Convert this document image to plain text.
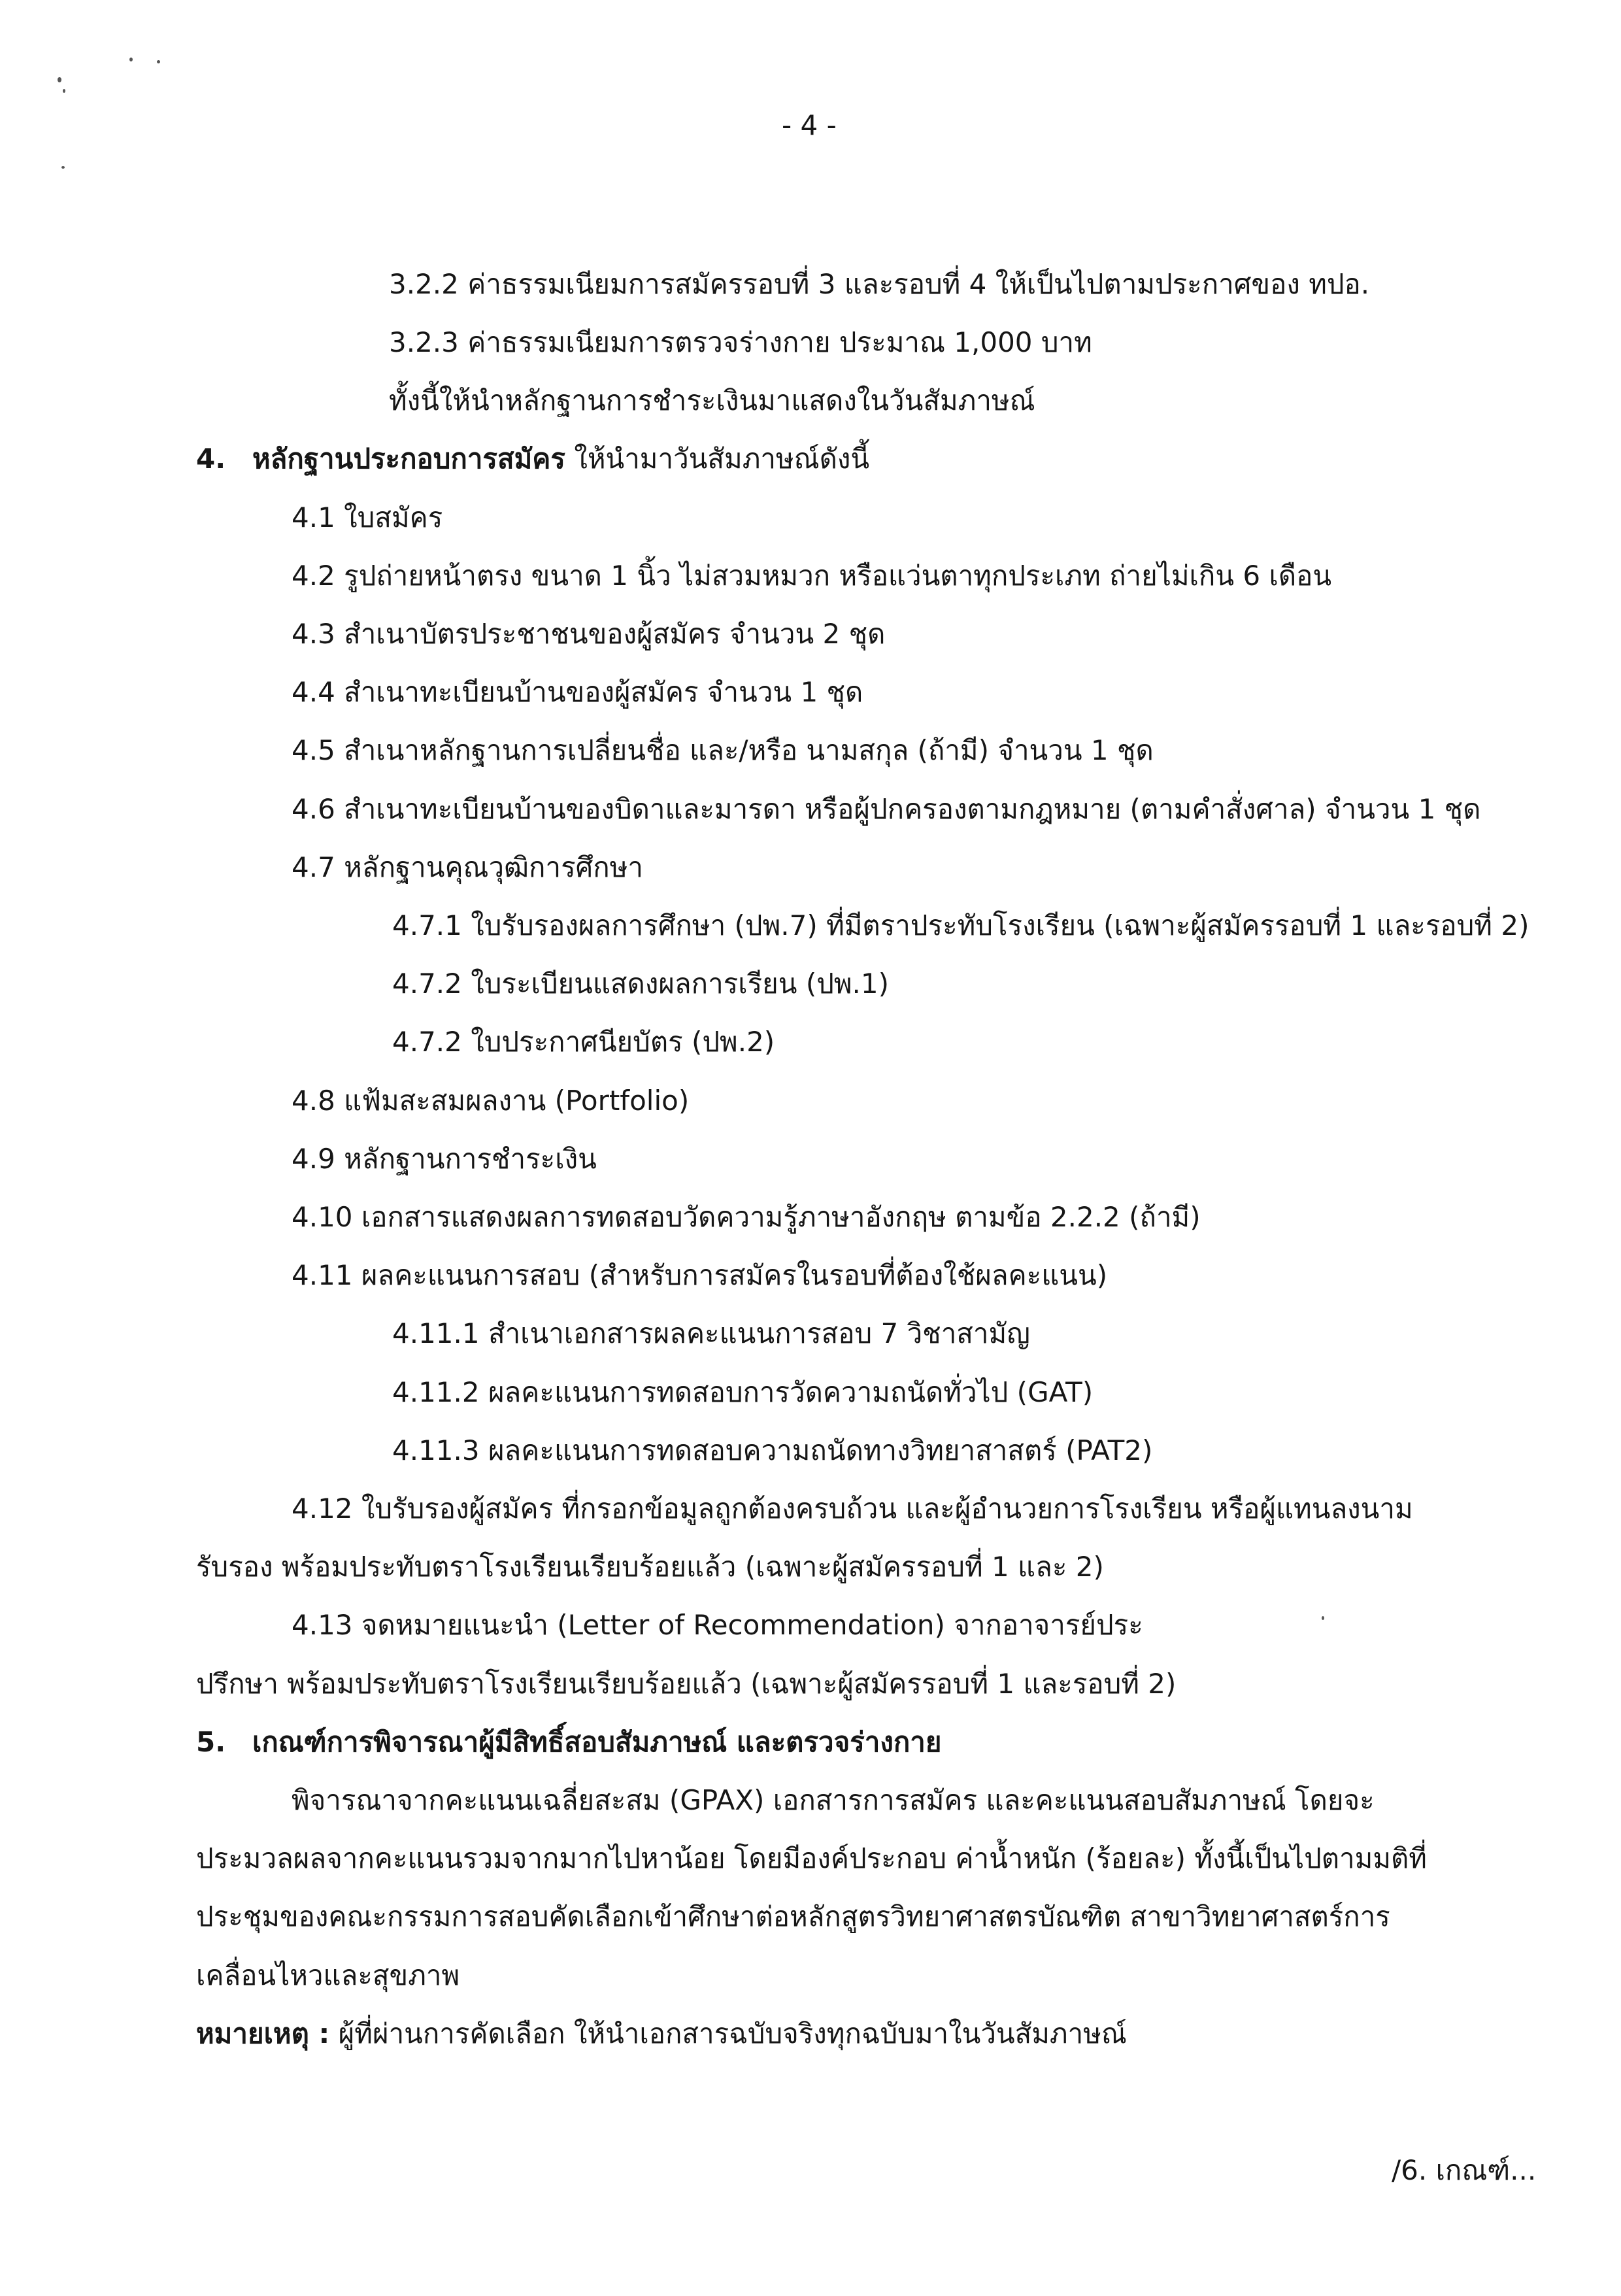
- 4 -
3.2.2 ค่าธรรมเนียมการสมัครรอบที่ 3 และรอบที่ 4 ให้เป็นไปตามประกาศของ ทปอ.
3.2.3 ค่าธรรมเนียมการตรวจร่างกาย ประมาณ 1,000 บาท
ทั้งนี้ให้นำหลักฐานการชำระเงินมาแสดงในวันสัมภาษณ์
4. หลักฐานประกอบการสมัคร ให้นำมาวันสัมภาษณ์ดังนี้
4.1 ใบสมัคร
4.2 รูปถ่ายหน้าตรง ขนาด 1 นิ้ว ไม่สวมหมวก หรือแว่นตาทุกประเภท ถ่ายไม่เกิน 6 เดือน
4.3 สำเนาบัตรประชาชนของผู้สมัคร จำนวน 2 ชุด
4.4 สำเนาทะเบียนบ้านของผู้สมัคร จำนวน 1 ชุด
4.5 สำเนาหลักฐานการเปลี่ยนชื่อ และ/หรือ นามสกุล (ถ้ามี) จำนวน 1 ชุด
4.6 สำเนาทะเบียนบ้านของบิดาและมารดา หรือผู้ปกครองตามกฎหมาย (ตามคำสั่งศาล) จำนวน 1 ชุด
4.7 หลักฐานคุณวุฒิการศึกษา
4.7.1 ใบรับรองผลการศึกษา (ปพ.7) ที่มีตราประทับโรงเรียน (เฉพาะผู้สมัครรอบที่ 1 และรอบที่ 2)
4.7.2 ใบระเบียนแสดงผลการเรียน (ปพ.1)
4.7.2 ใบประกาศนียบัตร (ปพ.2)
4.8 แฟ้มสะสมผลงาน (Portfolio)
4.9 หลักฐานการชำระเงิน
4.10 เอกสารแสดงผลการทดสอบวัดความรู้ภาษาอังกฤษ ตามข้อ 2.2.2 (ถ้ามี)
4.11 ผลคะแนนการสอบ (สำหรับการสมัครในรอบที่ต้องใช้ผลคะแนน)
4.11.1 สำเนาเอกสารผลคะแนนการสอบ 7 วิชาสามัญ
4.11.2 ผลคะแนนการทดสอบการวัดความถนัดทั่วไป (GAT)
4.11.3 ผลคะแนนการทดสอบความถนัดทางวิทยาสาสตร์ (PAT2)
4.12 ใบรับรองผู้สมัคร ที่กรอกข้อมูลถูกต้องครบถ้วน และผู้อำนวยการโรงเรียน หรือผู้แทนลงนาม
รับรอง พร้อมประทับตราโรงเรียนเรียบร้อยแล้ว (เฉพาะผู้สมัครรอบที่ 1 และ 2)
4.13 จดหมายแนะนำ (Letter of Recommendation) จากอาจารย์ประ
ปรึกษา พร้อมประทับตราโรงเรียนเรียบร้อยแล้ว (เฉพาะผู้สมัครรอบที่ 1 และรอบที่ 2)
5. เกณฑ์การพิจารณาผู้มีสิทธิ์สอบสัมภาษณ์ และตรวจร่างกาย
พิจารณาจากคะแนนเฉลี่ยสะสม (GPAX) เอกสารการสมัคร และคะแนนสอบสัมภาษณ์ โดยจะ
ประมวลผลจากคะแนนรวมจากมากไปหาน้อย โดยมีองค์ประกอบ ค่าน้ำหนัก (ร้อยละ) ทั้งนี้เป็นไปตามมติที่
ประชุมของคณะกรรมการสอบคัดเลือกเข้าศึกษาต่อหลักสูตรวิทยาศาสตรบัณฑิต สาขาวิทยาศาสตร์การ
เคลื่อนไหวและสุขภาพ
หมายเหตุ : ผู้ที่ผ่านการคัดเลือก ให้นำเอกสารฉบับจริงทุกฉบับมาในวันสัมภาษณ์
/6. เกณฑ์...
